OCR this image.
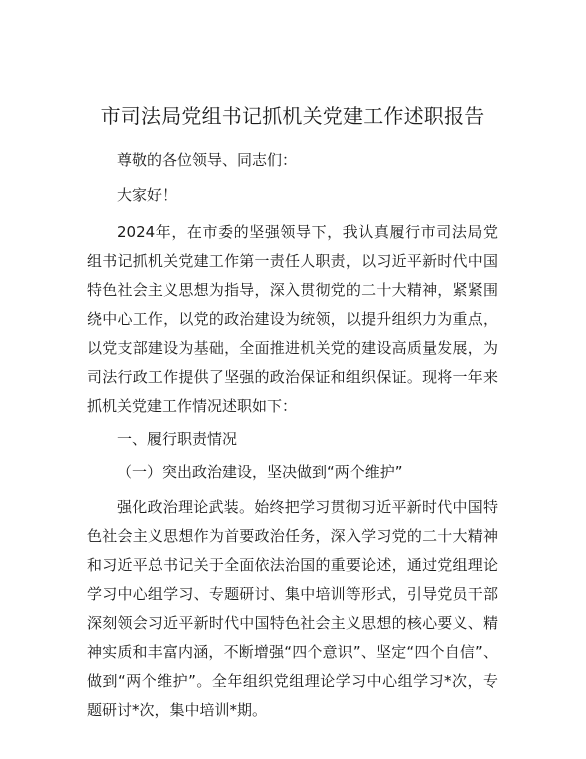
市司法局党组书记抓机关党建工作述职报告

尊敬的各位领导、同志们：

大家好！

2024年，在市委的坚强领导下，我认真履行市司法局党组书记抓机关党建工作第一责任人职责，以习近平新时代中国特色社会主义思想为指导，深入贯彻党的二十大精神，紧紧围绕中心工作，以党的政治建设为统领，以提升组织力为重点，以党支部建设为基础，全面推进机关党的建设高质量发展，为司法行政工作提供了坚强的政治保证和组织保证。现将一年来抓机关党建工作情况述职如下：

一、履行职责情况

（一）突出政治建设，坚决做到“两个维护”

强化政治理论武装。始终把学习贯彻习近平新时代中国特色社会主义思想作为首要政治任务，深入学习党的二十大精神和习近平总书记关于全面依法治国的重要论述，通过党组理论学习中心组学习、专题研讨、集中培训等形式，引导党员干部深刻领会习近平新时代中国特色社会主义思想的核心要义、精神实质和丰富内涵，不断增强“四个意识”、坚定“四个自信”、做到“两个维护”。全年组织党组理论学习中心组学习*次，专题研讨*次，集中培训*期。
